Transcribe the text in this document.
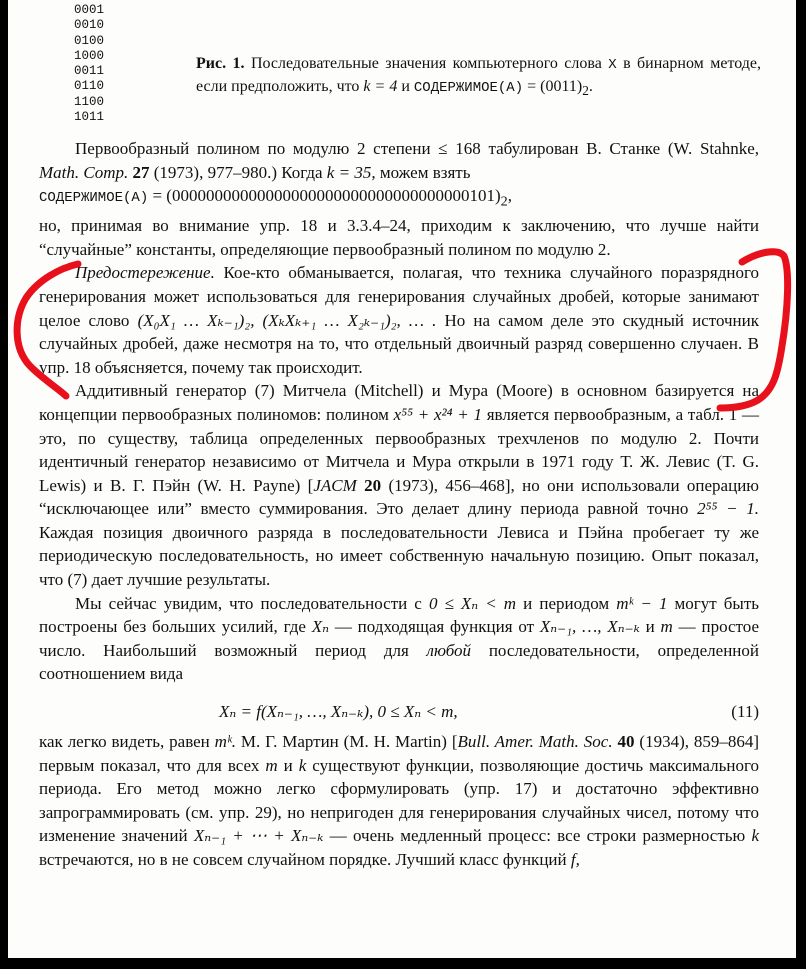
0001
0010
0100
1000
0011
0110
1100
1011

Рис. 1. Последовательные значения компьютерного слова X в бинарном методе, если предположить, что k = 4 и СОДЕРЖИМОЕ(A) = $(0011)_2$.

Первообразный полином по модулю 2 степени ≤ 168 табулирован В. Станке (W. Stahnke, Math. Comp. 27 (1973), 977–980.) Когда k = 35, можем взять

СОДЕРЖИМОЕ(A) = $(00000000000000000000000000000000000101)_2$,

но, принимая во внимание упр. 18 и 3.3.4–24, приходим к заключению, что лучше найти “случайные” константы, определяющие первообразный полином по модулю 2.

Предостережение. Кое-кто обманывается, полагая, что техника случайного поразрядного генерирования может использоваться для генерирования случайных дробей, которые занимают целое слово (X₀X₁ … Xₖ₋₁)₂, (XₖXₖ₊₁ … X₂ₖ₋₁)₂, … . Но на самом деле это скудный источник случайных дробей, даже несмотря на то, что отдельный двоичный разряд совершенно случаен. В упр. 18 объясняется, почему так происходит.

Аддитивный генератор (7) Митчела (Mitchell) и Мура (Moore) в основном базируется на концепции первообразных полиномов: полином x⁵⁵ + x²⁴ + 1 является первообразным, а табл. 1 — это, по существу, таблица определенных первообразных трехчленов по модулю 2. Почти идентичный генератор независимо от Митчела и Мура открыли в 1971 году Т. Ж. Левис (T. G. Lewis) и В. Г. Пэйн (W. H. Payne) [JACM 20 (1973), 456–468], но они использовали операцию “исключающее или” вместо суммирования. Это делает длину периода равной точно 2⁵⁵ − 1. Каждая позиция двоичного разряда в последовательности Левиса и Пэйна пробегает ту же периодическую последовательность, но имеет собственную начальную позицию. Опыт показал, что (7) дает лучшие результаты.

Мы сейчас увидим, что последовательности с 0 ≤ Xₙ < m и периодом mᵏ − 1 могут быть построены без больших усилий, где Xₙ — подходящая функция от Xₙ₋₁, …, Xₙ₋ₖ и m — простое число. Наибольший возможный период для любой последовательности, определенной соотношением вида

Xₙ = f(Xₙ₋₁, …, Xₙ₋ₖ), 0 ≤ Xₙ < m,	(11)

как легко видеть, равен mᵏ. М. Г. Мартин (M. H. Martin) [Bull. Amer. Math. Soc. 40 (1934), 859–864] первым показал, что для всех m и k существуют функции, позволяющие достичь максимального периода. Его метод можно легко сформулировать (упр. 17) и достаточно эффективно запрограммировать (см. упр. 29), но непригоден для генерирования случайных чисел, потому что изменение значений Xₙ₋₁ + ⋯ + Xₙ₋ₖ — очень медленный процесс: все строки размерностью k встречаются, но в не совсем случайном порядке. Лучший класс функций f,
